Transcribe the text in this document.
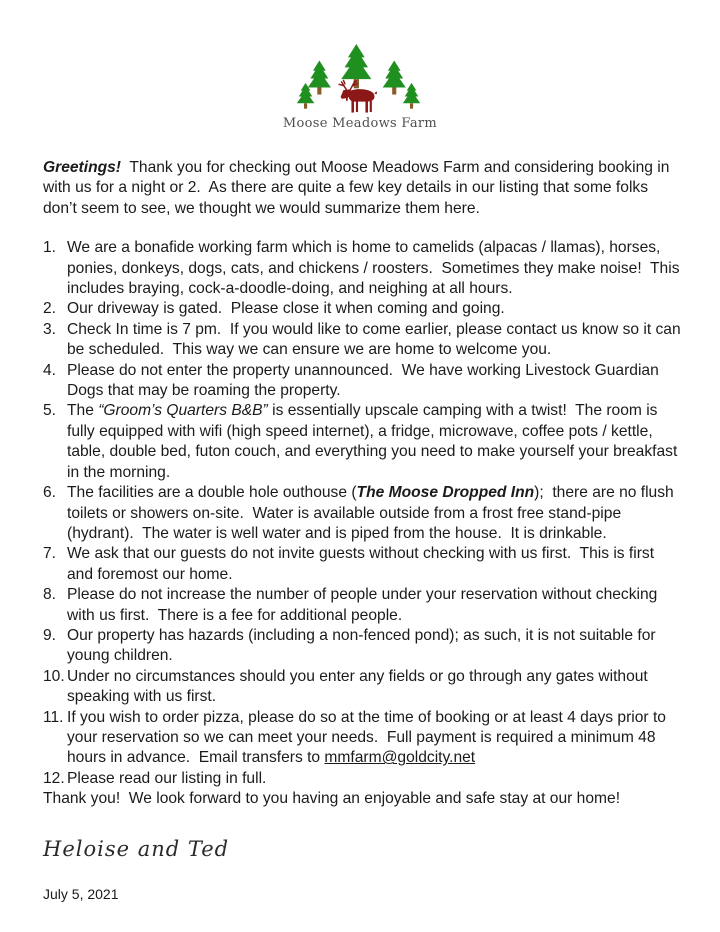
Moose Meadows Farm

Greetings!  Thank you for checking out Moose Meadows Farm and considering booking in with us for a night or 2.  As there are quite a few key details in our listing that some folks don’t seem to see, we thought we would summarize them here.

1. We are a bonafide working farm which is home to camelids (alpacas / llamas), horses, ponies, donkeys, dogs, cats, and chickens / roosters.  Sometimes they make noise!  This includes braying, cock-a-doodle-doing, and neighing at all hours.
2. Our driveway is gated.  Please close it when coming and going.
3. Check In time is 7 pm.  If you would like to come earlier, please contact us know so it can be scheduled.  This way we can ensure we are home to welcome you.
4. Please do not enter the property unannounced.  We have working Livestock Guardian Dogs that may be roaming the property.
5. The “Groom’s Quarters B&B” is essentially upscale camping with a twist!  The room is fully equipped with wifi (high speed internet), a fridge, microwave, coffee pots / kettle, table, double bed, futon couch, and everything you need to make yourself your breakfast in the morning.
6. The facilities are a double hole outhouse (The Moose Dropped Inn);  there are no flush toilets or showers on-site.  Water is available outside from a frost free stand-pipe (hydrant).  The water is well water and is piped from the house.  It is drinkable.
7. We ask that our guests do not invite guests without checking with us first.  This is first and foremost our home.
8. Please do not increase the number of people under your reservation without checking with us first.  There is a fee for additional people.
9. Our property has hazards (including a non-fenced pond); as such, it is not suitable for young children.
10. Under no circumstances should you enter any fields or go through any gates without speaking with us first.
11. If you wish to order pizza, please do so at the time of booking or at least 4 days prior to your reservation so we can meet your needs.  Full payment is required a minimum 48 hours in advance.  Email transfers to mmfarm@goldcity.net
12. Please read our listing in full.

Thank you!  We look forward to you having an enjoyable and safe stay at our home!

Heloise and Ted
July 5, 2021
